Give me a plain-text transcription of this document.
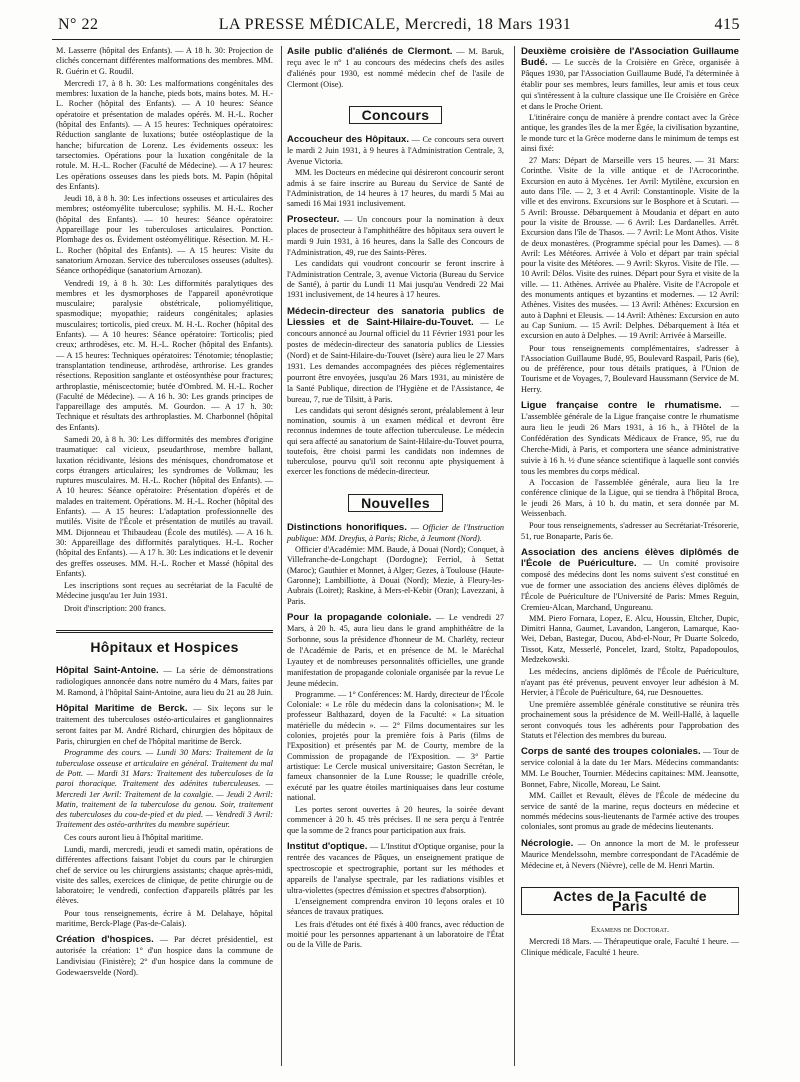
N° 22	LA PRESSE MÉDICALE, Mercredi, 18 Mars 1931	415

M. Lasserre (hôpital des Enfants). — A 18 h. 30: Projection de clichés concernant différentes malformations des membres. MM. R. Guérin et G. Roudil.

Mercredi 17, à 8 h. 30: Les malformations congénitales des membres: luxation de la hanche, pieds bots, mains botes. M. H.-L. Rocher (hôpital des Enfants). — A 10 heures: Séance opératoire et présentation de malades opérés. M. H.-L. Rocher (hôpital des Enfants). — A 15 heures: Techniques opératoires: Réduction sanglante de luxations; butée ostéoplastique de la hanche; bifurcation de Lorenz. Les évidements osseux: les tarsectomies. Opérations pour la luxation congénitale de la rotule. M. H.-L. Rocher (Faculté de Médecine). — A 17 heures: Les opérations osseuses dans les pieds bots. M. Papin (hôpital des Enfants).

Jeudi 18, à 8 h. 30: Les infections osseuses et articulaires des membres; ostéomyélite tuberculose; syphilis. M. H.-L. Rocher (hôpital des Enfants). — 10 heures: Séance opératoire: Appareillage pour les tuberculoses articulaires. Ponction. Plombage des os. Évidement ostéomyélitique. Résection. M. H.-L. Rocher (hôpital des Enfants). — A 15 heures: Visite du sanatorium Arnozan. Service des tuberculoses osseuses (adultes). Séance orthopédique (sanatorium Arnozan).

Vendredi 19, à 8 h. 30: Les difformités paralytiques des membres et les dysmorphoses de l'appareil aponévrotique musculaire; paralysie obstétricale, poliomyélitique, spasmodique; myopathie; raideurs congénitales; aplasies musculaires; torticolis, pied creux. M. H.-L. Rocher (hôpital des Enfants). — A 10 heures: Séance opératoire: Torticolis; pied creux; arthrodèses, etc. M. H.-L. Rocher (hôpital des Enfants). — A 15 heures: Techniques opératoires: Ténotomie; ténoplastie; transplantation tendineuse, arthrodèse, arthrorise. Les grandes résections. Reposition sanglante et ostéosynthèse pour fractures; arthroplastie, méniscectomie; butée d'Ombred. M. H.-L. Rocher (Faculté de Médecine). — A 16 h. 30: Les grands principes de l'appareillage des amputés. M. Gourdon. — A 17 h. 30: Technique et résultats des arthroplasties. M. Charbonnel (hôpital des Enfants).

Samedi 20, à 8 h. 30: Les difformités des membres d'origine traumatique: cal vicieux, pseudarthrose, membre ballant, luxation récidivante, lésions des ménisques, chondromatose et corps étrangers articulaires; les syndromes de Volkmau; les ruptures musculaires. M. H.-L. Rocher (hôpital des Enfants). — A 10 heures: Séance opératoire: Présentation d'opérés et de malades en traitement. Opérations. M. H.-L. Rocher (hôpital des Enfants). — A 15 heures: L'adaptation professionnelle des mutilés. Visite de l'École et présentation de mutilés au travail. MM. Dijonneau et Thibaudeau (École des mutilés). — A 16 h. 30: Appareillage des difformités paralytiques. H.-L. Rocher (hôpital des Enfants). — A 17 h. 30: Les indications et le devenir des greffes osseuses. MM. H.-L. Rocher et Massé (hôpital des Enfants).

Les inscriptions sont reçues au secrétariat de la Faculté de Médecine jusqu'au 1er Juin 1931.

Droit d'inscription: 200 francs.

Hôpitaux et Hospices

Hôpital Saint-Antoine. — La série de démonstrations radiologiques annoncée dans notre numéro du 4 Mars, faites par M. Ramond, à l'hôpital Saint-Antoine, aura lieu du 21 au 28 Juin.

Hôpital Maritime de Berck. — Six leçons sur le traitement des tuberculoses ostéo-articulaires et ganglionnaires seront faites par M. André Richard, chirurgien des hôpitaux de Paris, chirurgien en chef de l'hôpital maritime de Berck.

Programme des cours. — Lundi 30 Mars: Traitement de la tuberculose osseuse et articulaire en général. Traitement du mal de Pott. — Mardi 31 Mars: Traitement des tuberculoses de la paroi thoracique. Traitement des adénites tuberculeuses. — Mercredi 1er Avril: Traitement de la coxalgie. — Jeudi 2 Avril: Matin, traitement de la tuberculose du genou. Soir, traitement des tuberculoses du cou-de-pied et du pied. — Vendredi 3 Avril: Traitement des ostéo-arthrites du membre supérieur.

Ces cours auront lieu à l'hôpital maritime.

Lundi, mardi, mercredi, jeudi et samedi matin, opérations de différentes affections faisant l'objet du cours par le chirurgien chef de service ou les chirurgiens assistants; chaque après-midi, visite des salles, exercices de clinique, de petite chirurgie ou de laboratoire; le vendredi, confection d'appareils plâtrés par les élèves.

Pour tous renseignements, écrire à M. Delahaye, hôpital maritime, Berck-Plage (Pas-de-Calais).

Création d'hospices. — Par décret présidentiel, est autorisée la création: 1° d'un hospice dans la commune de Landivisiau (Finistère); 2° d'un hospice dans la commune de Godewaersvelde (Nord).

Asile public d'aliénés de Clermont. — M. Baruk, reçu avec le n° 1 au concours des médecins chefs des asiles d'aliénés pour 1930, est nommé médecin chef de l'asile de Clermont (Oise).

Concours

Accoucheur des Hôpitaux. — Ce concours sera ouvert le mardi 2 Juin 1931, à 9 heures à l'Administration Centrale, 3, Avenue Victoria.

MM. les Docteurs en médecine qui désireront concourir seront admis à se faire inscrire au Bureau du Service de Santé de l'Administration, de 14 heures à 17 heures, du mardi 5 Mai au samedi 16 Mai 1931 inclusivement.

Prosecteur. — Un concours pour la nomination à deux places de prosecteur à l'amphithéâtre des hôpitaux sera ouvert le mardi 9 Juin 1931, à 16 heures, dans la Salle des Concours de l'Administration, 49, rue des Saints-Pères.

Les candidats qui voudront concourir se feront inscrire à l'Administration Centrale, 3, avenue Victoria (Bureau du Service de Santé), à partir du Lundi 11 Mai jusqu'au Vendredi 22 Mai 1931 inclusivement, de 14 heures à 17 heures.

Médecin-directeur des sanatoria publics de Liessies et de Saint-Hilaire-du-Touvet. — Le concours annoncé au Journal officiel du 11 Février 1931 pour les postes de médecin-directeur des sanatoria publics de Liessies (Nord) et de Saint-Hilaire-du-Touvet (Isère) aura lieu le 27 Mars 1931. Les demandes accompagnées des pièces réglementaires pourront être envoyées, jusqu'au 26 Mars 1931, au ministère de la Santé Publique, direction de l'Hygiène et de l'Assistance, 4e bureau, 7, rue de Tilsitt, à Paris.

Les candidats qui seront désignés seront, préalablement à leur nomination, soumis à un examen médical et devront être reconnus indemnes de toute affection tuberculeuse. Le médecin qui sera affecté au sanatorium de Saint-Hilaire-du-Touvet pourra, toutefois, être choisi parmi les candidats non indemnes de tuberculose, pourvu qu'il soit reconnu apte physiquement à exercer les fonctions de médecin-directeur.

Nouvelles

Distinctions honorifiques. — Officier de l'Instruction publique: MM. Dreyfus, à Paris; Riche, à Jeumont (Nord).

Officier d'Académie: MM. Baude, à Douai (Nord); Conquet, à Villefranche-de-Longchapt (Dordogne); Ferriol, à Settat (Maroc); Gauthier et Monnet, à Alger; Gezes, à Toulouse (Haute-Garonne); Lambilliotte, à Douai (Nord); Mezie, à Fleury-les-Aubrais (Loiret); Raskine, à Mers-el-Kebir (Oran); Lavezzani, à Paris.

Pour la propagande coloniale. — Le vendredi 27 Mars, à 20 h. 45, aura lieu dans le grand amphithéâtre de la Sorbonne, sous la présidence d'honneur de M. Charléty, recteur de l'Académie de Paris, et en présence de M. le Maréchal Lyautey et de nombreuses personnalités officielles, une grande manifestation de propagande coloniale organisée par la revue Le Jeune médecin.

Programme. — 1° Conférences: M. Hardy, directeur de l'École Coloniale: « Le rôle du médecin dans la colonisation»; M. le professeur Balthazard, doyen de la Faculté: « La situation matérielle du médecin ». — 2° Films documentaires sur les colonies, projetés pour la première fois à Paris (films de l'Exposition) et présentés par M. de Courty, membre de la Commission de propagande de l'Exposition. — 3° Partie artistique: Le Cercle musical universitaire; Gaston Secrétan, le fameux chansonnier de la Lune Rousse; le quadrille créole, exécuté par les quatre étoiles martiniquaises dans leur costume national.

Les portes seront ouvertes à 20 heures, la soirée devant commencer à 20 h. 45 très précises. Il ne sera perçu à l'entrée que la somme de 2 francs pour participation aux frais.

Institut d'optique. — L'Institut d'Optique organise, pour la rentrée des vacances de Pâques, un enseignement pratique de spectroscopie et spectrographie, portant sur les méthodes et appareils de l'analyse spectrale, par les radiations visibles et ultra-violettes (spectres d'émission et spectres d'absorption).

L'enseignement comprendra environ 10 leçons orales et 10 séances de travaux pratiques.

Les frais d'études ont été fixés à 400 francs, avec réduction de moitié pour les personnes appartenant à un laboratoire de l'État ou de la Ville de Paris.

Deuxième croisière de l'Association Guillaume Budé. — Le succès de la Croisière en Grèce, organisée à Pâques 1930, par l'Association Guillaume Budé, l'a déterminée à établir pour ses membres, leurs familles, leur amis et tous ceux qui s'intéressent à la culture classique une IIe Croisière en Grèce et dans le Proche Orient.

L'itinéraire conçu de manière à prendre contact avec la Grèce antique, les grandes îles de la mer Égée, la civilisation byzantine, le monde turc et la Grèce moderne dans le minimum de temps est ainsi fixé:

27 Mars: Départ de Marseille vers 15 heures. — 31 Mars: Corinthe. Visite de la ville antique et de l'Acrocorinthe. Excursion en auto à Mycènes. 1er Avril: Mytilène, excursion en auto dans l'île. — 2, 3 et 4 Avril: Constantinople. Visite de la ville et des environs. Excursions sur le Bosphore et à Scutari. — 5 Avril: Brousse. Débarquement à Moudania et départ en auto pour la visite de Brousse. — 6 Avril: Les Dardanelles. Arrêt. Excursion dans l'île de Thasos. — 7 Avril: Le Mont Athos. Visite de deux monastères. (Programme spécial pour les Dames). — 8 Avril: Les Météores. Arrivée à Volo et départ par train spécial pour la visite des Météores. — 9 Avril: Skyros. Visite de l'île. — 10 Avril: Délos. Visite des ruines. Départ pour Syra et visite de la ville. — 11. Athènes. Arrivée au Phalère. Visite de l'Acropole et des monuments antiques et byzantins et modernes. — 12 Avril: Athènes. Visites des musées. — 13 Avril: Athènes: Excursion en auto à Daphni et Eleusis. — 14 Avril: Athènes: Excursion en auto au Cap Sunium. — 15 Avril: Delphes. Débarquement à Itéa et excursion en auto à Delphes. — 19 Avril: Arrivée à Marseille.

Pour tous renseignements complémentaires, s'adresser à l'Association Guillaume Budé, 95, Boulevard Raspail, Paris (6e), ou de préférence, pour tous détails pratiques, à l'Union de Tourisme et de Voyages, 7, Boulevard Haussmann (Service de M. Herry.

Ligue française contre le rhumatisme. — L'assemblée générale de la Ligue française contre le rhumatisme aura lieu le jeudi 26 Mars 1931, à 16 h., à l'Hôtel de la Confédération des Syndicats Médicaux de France, 95, rue du Cherche-Midi, à Paris, et comportera une séance administrative suivie à 16 h. ½ d'une séance scientifique à laquelle sont conviés tous les membres du corps médical.

A l'occasion de l'assemblée générale, aura lieu la 1re conférence clinique de la Ligue, qui se tiendra à l'hôpital Broca, le jeudi 26 Mars, à 10 h. du matin, et sera donnée par M. Weissenbach.

Pour tous renseignements, s'adresser au Secrétariat-Trésorerie, 51, rue Bonaparte, Paris 6e.

Association des anciens élèves diplômés de l'École de Puériculture. — Un comité provisoire composé des médecins dont les noms suivent s'est constitué en vue de former une association des anciens élèves diplômés de l'École de Puériculture de l'Université de Paris: Mmes Reguin, Cremieu-Alcan, Marchand, Ungureanu.

MM. Piero Fornara, Lopez, E. Alcu, Houssin, Eltcher, Dupic, Dimitri Hanna, Gaumet, Lavandon, Langeron, Lamarque, Kao-Wei, Deban, Bastegar, Ducou, Abd-el-Nour, Pr Duarte Solcedo, Tissot, Katz, Messerlé, Poncelet, Izard, Stoltz, Papadopoulos, Medzekowski.

Les médecins, anciens diplômés de l'École de Puériculture, n'ayant pas été prévenus, peuvent envoyer leur adhésion à M. Hervier, à l'École de Puériculture, 64, rue Desnouettes.

Une première assemblée générale constitutive se réunira très prochainement sous la présidence de M. Weill-Hallé, à laquelle seront convoqués tous les adhérents pour l'approbation des Statuts et l'élection des membres du bureau.

Corps de santé des troupes coloniales. — Tour de service colonial à la date du 1er Mars. Médecins commandants: MM. Le Boucher, Tournier. Médecins capitaines: MM. Jeansotte, Bonnet, Fabre, Nicolle, Moreau, Le Saint.

MM. Caillet et Revault, élèves de l'École de médecine du service de santé de la marine, reçus docteurs en médecine et nommés médecins sous-lieutenants de l'armée active des troupes coloniales, sont promus au grade de médecins lieutenants.

Nécrologie. — On annonce la mort de M. le professeur Maurice Mendelssohn, membre correspondant de l'Académie de Médecine et, à Nevers (Nièvre), celle de M. Henri Martin.

Actes de la Faculté de Paris

Examens de Doctorat.

Mercredi 18 Mars. — Thérapeutique orale, Faculté 1 heure. — Clinique médicale, Faculté 1 heure.
